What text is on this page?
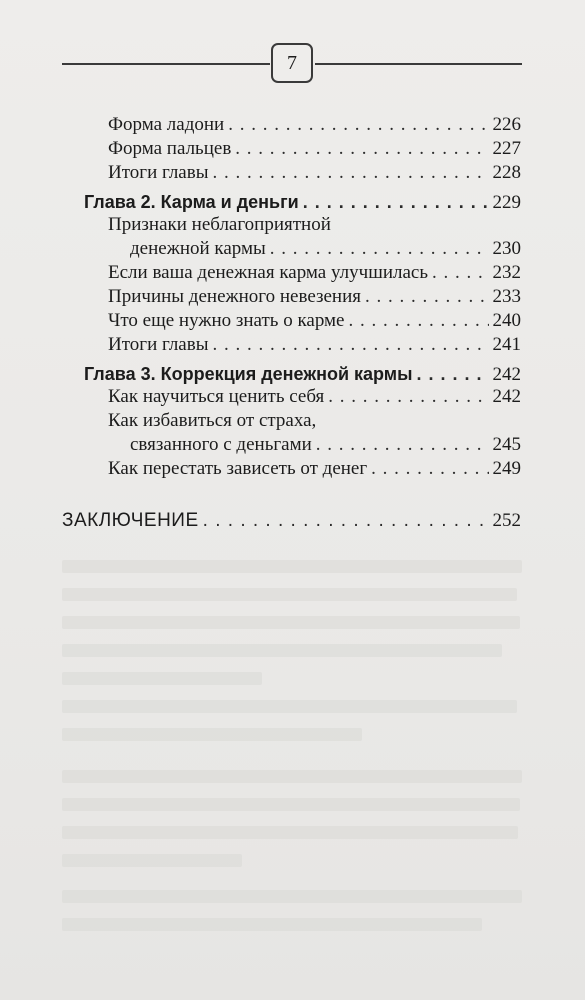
7
Форма ладони . . .	226
Форма пальцев . . .	227
Итоги главы . . .	228
Глава 2. Карма и деньги . . .	229
Признаки неблагоприятной
денежной кармы . . .	230
Если ваша денежная карма улучшилась . . .	232
Причины денежного невезения . . .	233
Что еще нужно знать о карме . . .	240
Итоги главы . . .	241
Глава 3. Коррекция денежной кармы . . .	242
Как научиться ценить себя . . .	242
Как избавиться от страха,
связанного с деньгами . . .	245
Как перестать зависеть от денег . . .	249
ЗАКЛЮЧЕНИЕ . . .	252
